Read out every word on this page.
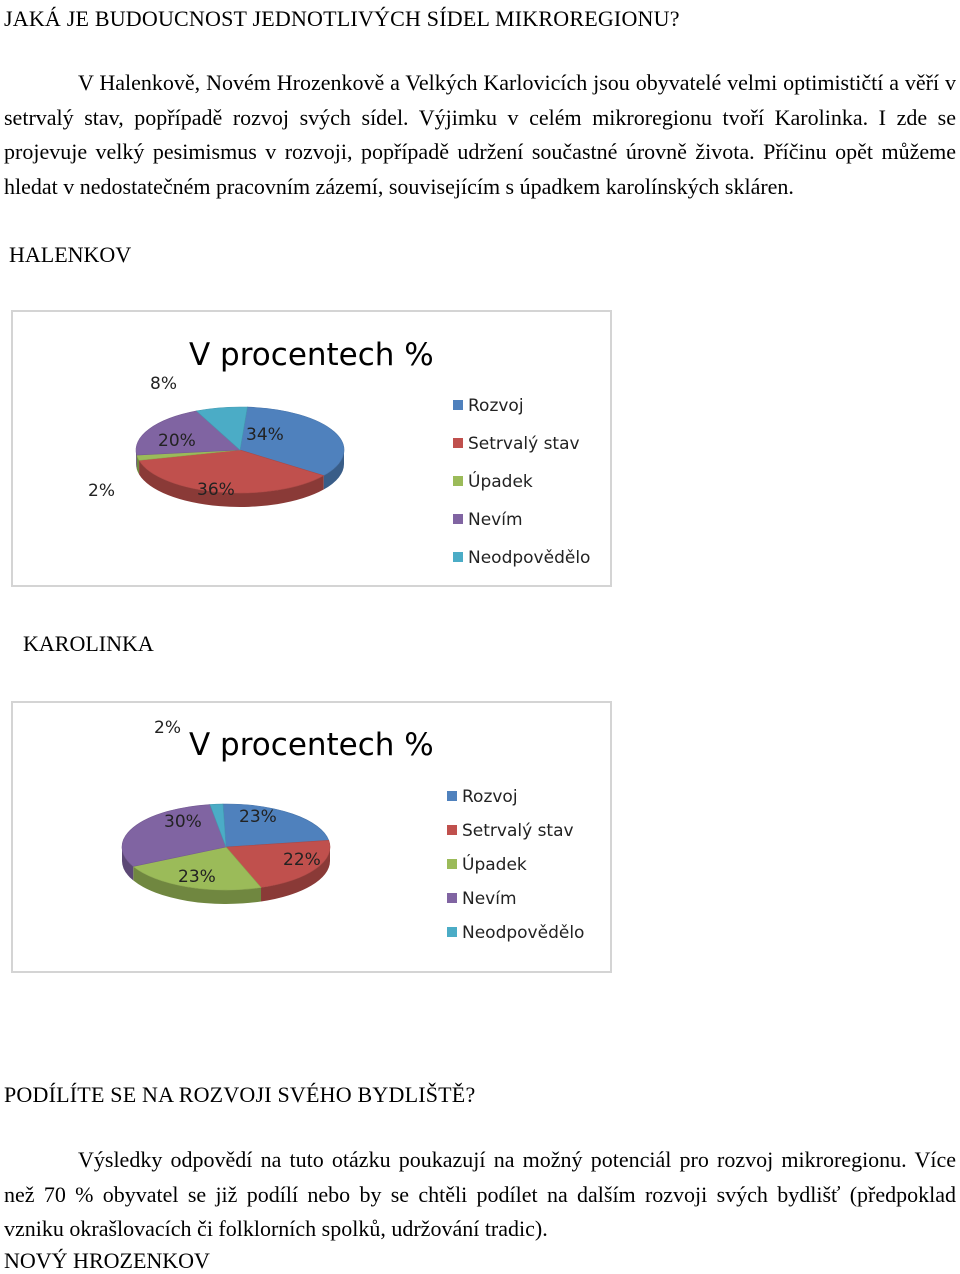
JAKÁ JE BUDOUCNOST JEDNOTLIVÝCH SÍDEL MIKROREGIONU?
V Halenkově, Novém Hrozenkově a Velkých Karlovicích jsou obyvatelé velmi optimističtí a věří v setrvalý stav, popřípadě rozvoj svých sídel. Výjimku v celém mikroregionu tvoří Karolinka. I zde se projevuje velký pesimismus v rozvoji, popřípadě udržení součastné úrovně života. Příčinu opět můžeme hledat v nedostatečném pracovním zázemí, souvisejícím s úpadkem karolínských skláren.
HALENKOV
V procentech %
34%
36%
2%
20%
8%
Rozvoj
Setrvalý stav
Úpadek
Nevím
Neodpovědělo
KAROLINKA
V procentech %
23%
22%
23%
30%
2%
Rozvoj
Setrvalý stav
Úpadek
Nevím
Neodpovědělo
PODÍLÍTE SE NA ROZVOJI SVÉHO BYDLIŠTĚ?
Výsledky odpovědí na tuto otázku poukazují na možný potenciál pro rozvoj mikroregionu. Více než 70 % obyvatel se již podílí nebo by se chtěli podílet na dalším rozvoji svých bydlišť (předpoklad vzniku okrašlovacích či folklorních spolků, udržování tradic).
NOVÝ HROZENKOV
